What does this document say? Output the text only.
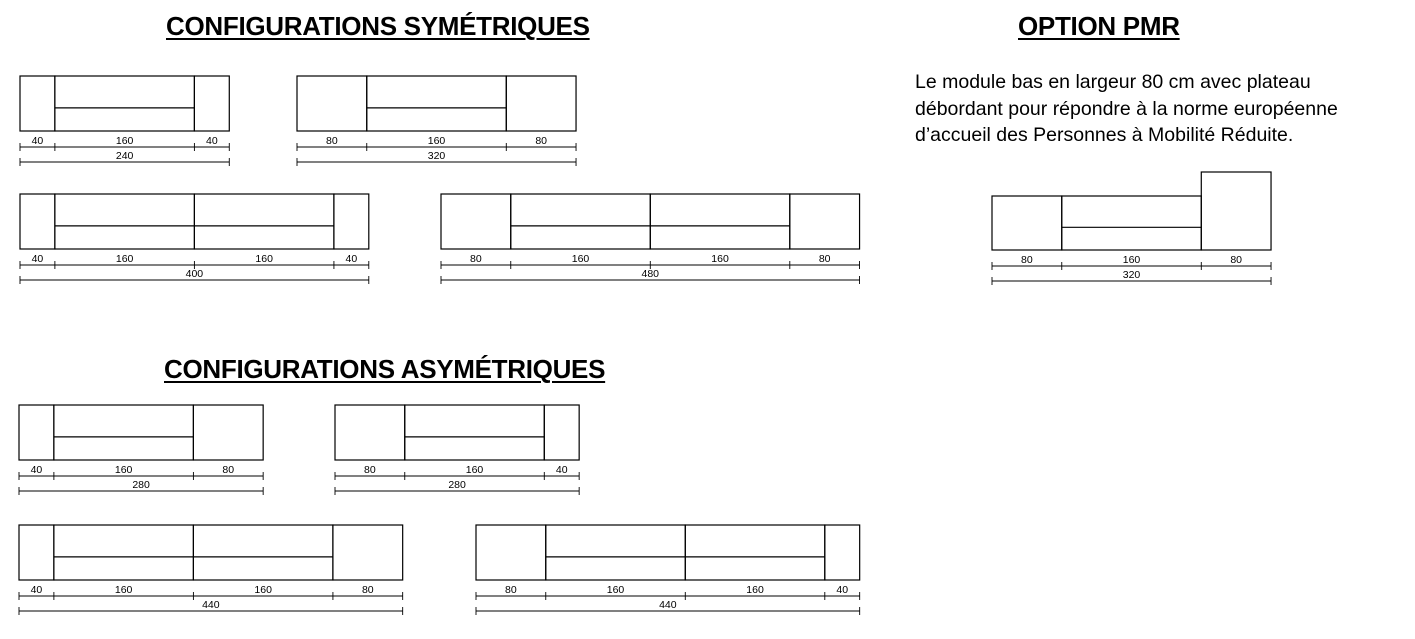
CONFIGURATIONS SYMÉTRIQUES
CONFIGURATIONS ASYMÉTRIQUES
OPTION PMR
Le module bas en largeur 80 cm avec plateau
débordant pour répondre à la norme européenne
d’accueil des Personnes à Mobilité Réduite.
40	160	40
240
80	160	80
320
40	160	160	40
400
80	160	160	80
480
80	160	80
320
40	160	80
280
80	160	40
280
40	160	160	80
440
80	160	160	40
440
